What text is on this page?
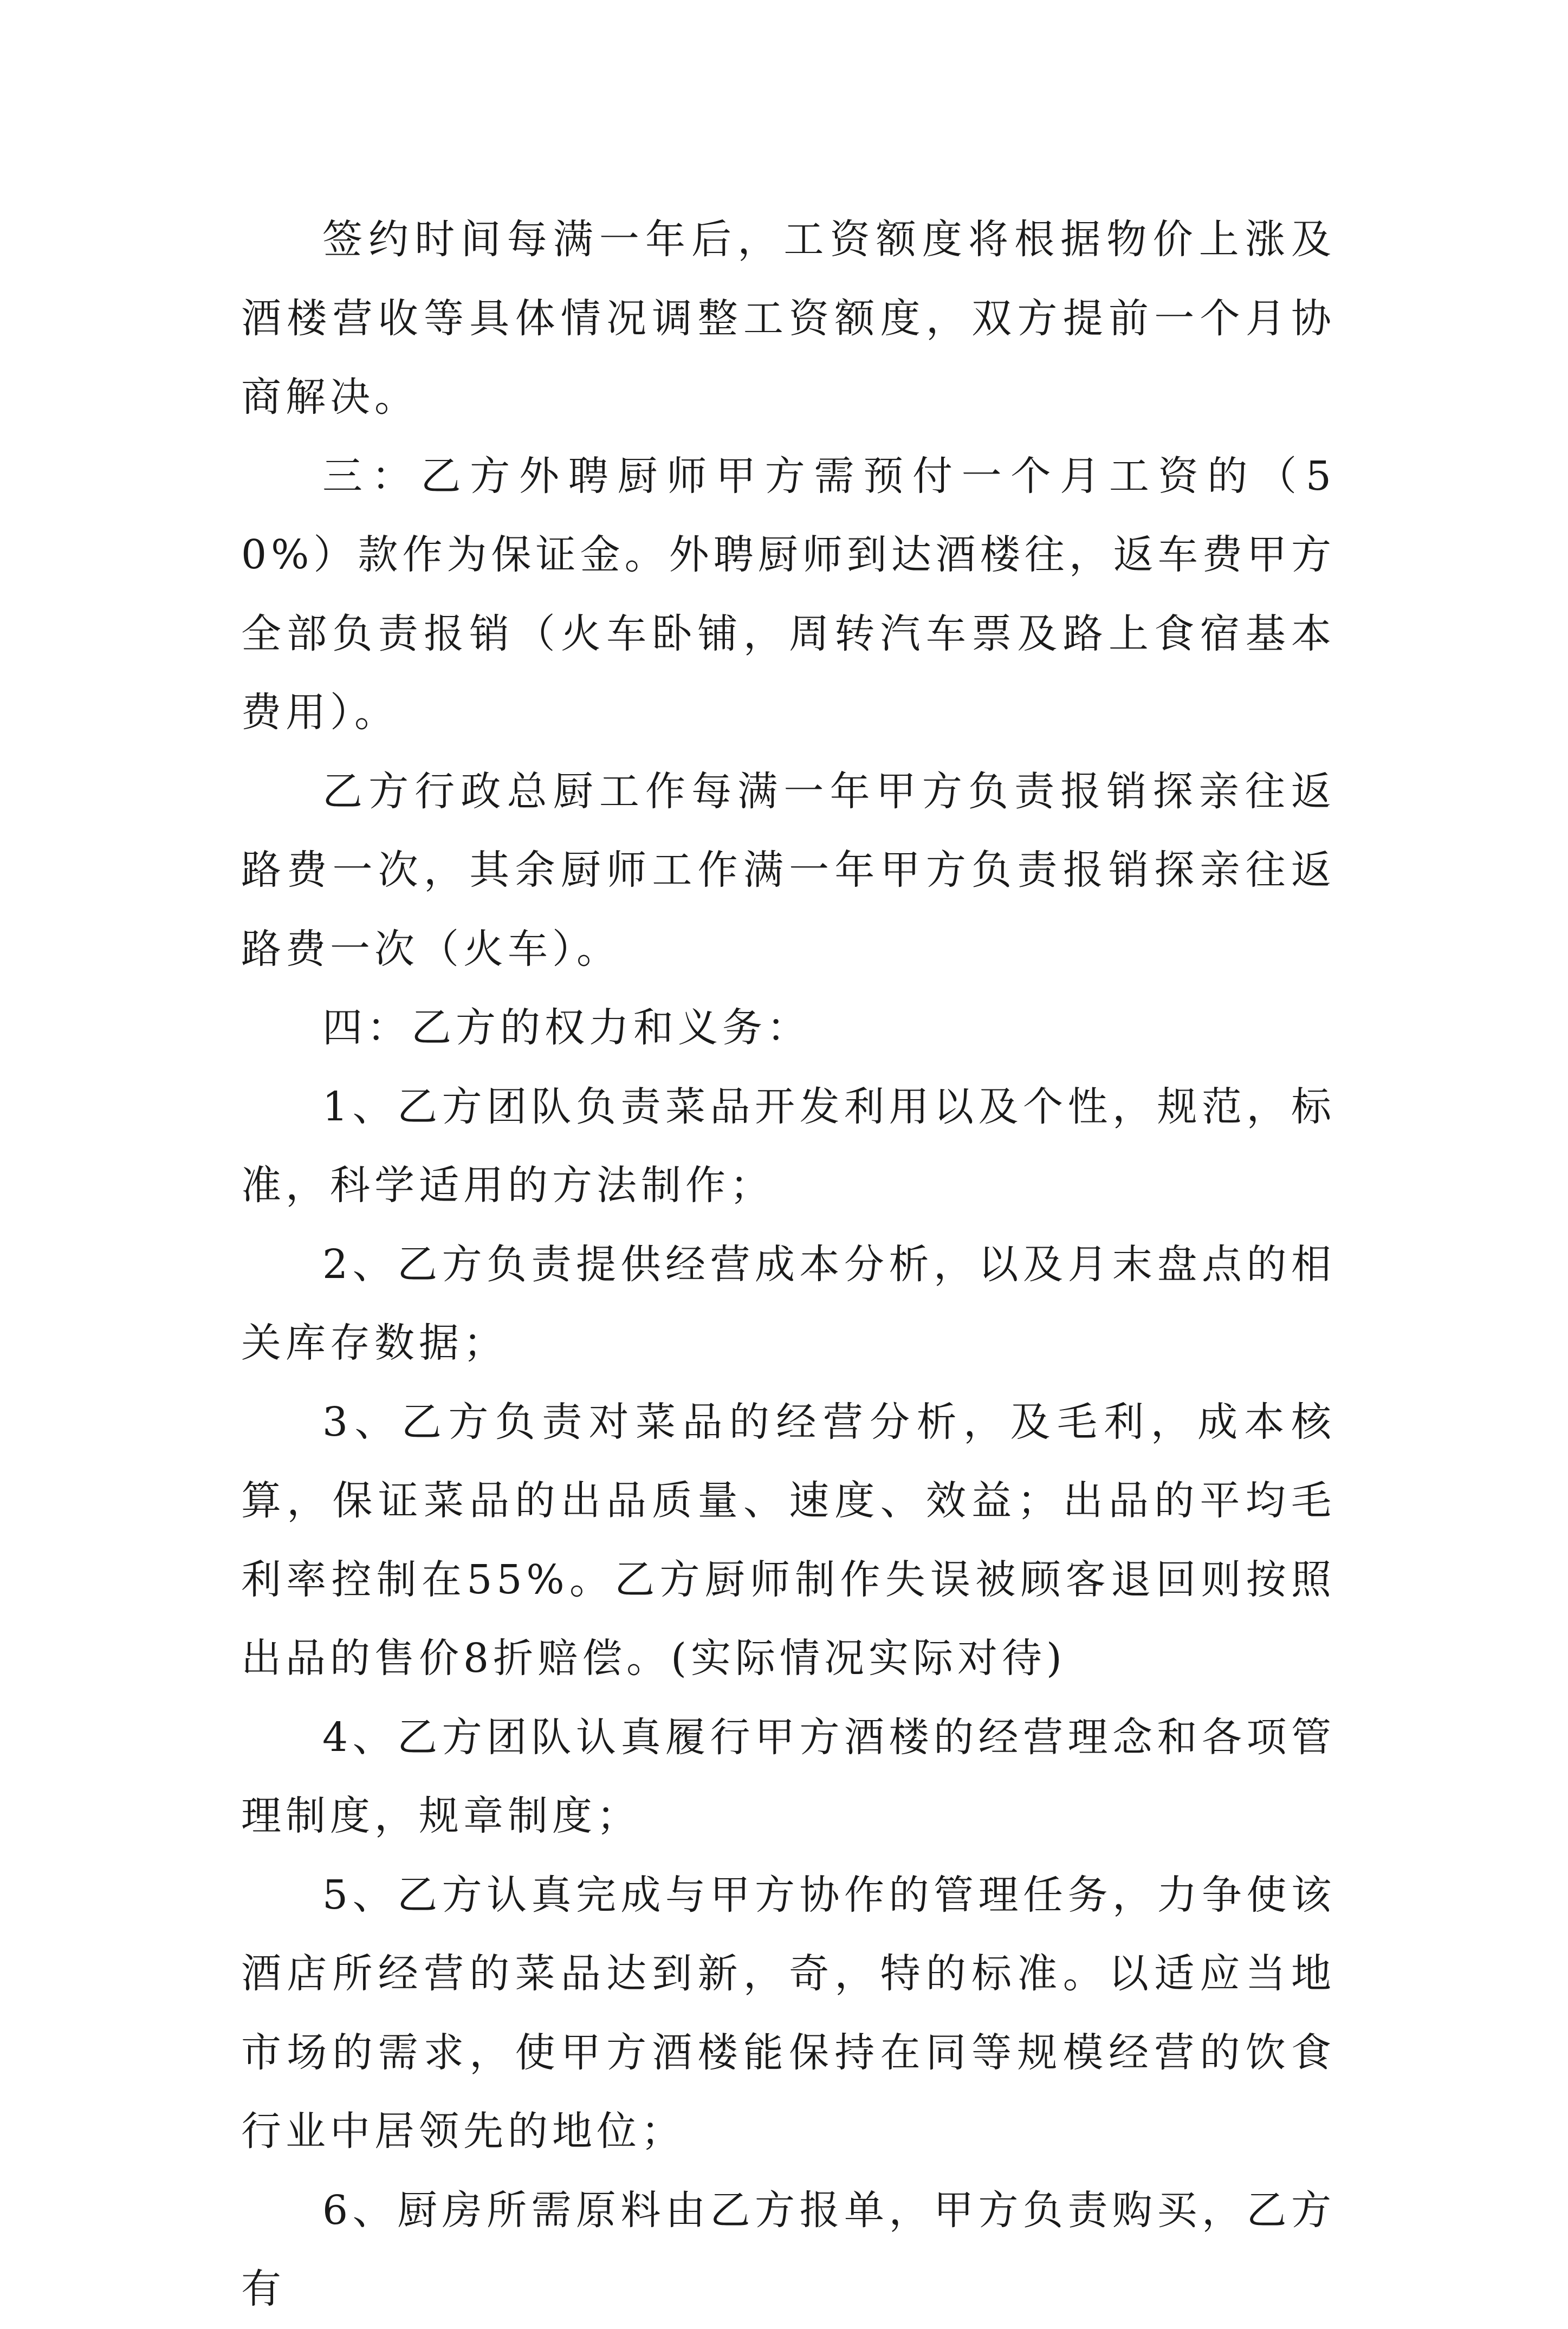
签约时间每满一年后，工资额度将根据物价上涨及酒楼营收等具体情况调整工资额度，双方提前一个月协商解决。

三：乙方外聘厨师甲方需预付一个月工资的（50%）款作为保证金。外聘厨师到达酒楼往，返车费甲方全部负责报销（火车卧铺，周转汽车票及路上食宿基本费用）。

乙方行政总厨工作每满一年甲方负责报销探亲往返路费一次，其余厨师工作满一年甲方负责报销探亲往返路费一次（火车）。

四：乙方的权力和义务：

1、乙方团队负责菜品开发利用以及个性，规范，标准，科学适用的方法制作；

2、乙方负责提供经营成本分析，以及月末盘点的相关库存数据；

3、乙方负责对菜品的经营分析，及毛利，成本核算，保证菜品的出品质量、速度、效益；出品的平均毛利率控制在55%。乙方厨师制作失误被顾客退回则按照出品的售价8折赔偿。(实际情况实际对待)

4、乙方团队认真履行甲方酒楼的经营理念和各项管理制度，规章制度；

5、乙方认真完成与甲方协作的管理任务，力争使该酒店所经营的菜品达到新，奇，特的标准。以适应当地市场的需求，使甲方酒楼能保持在同等规模经营的饮食行业中居领先的地位；

6、厨房所需原料由乙方报单，甲方负责购买，乙方有
